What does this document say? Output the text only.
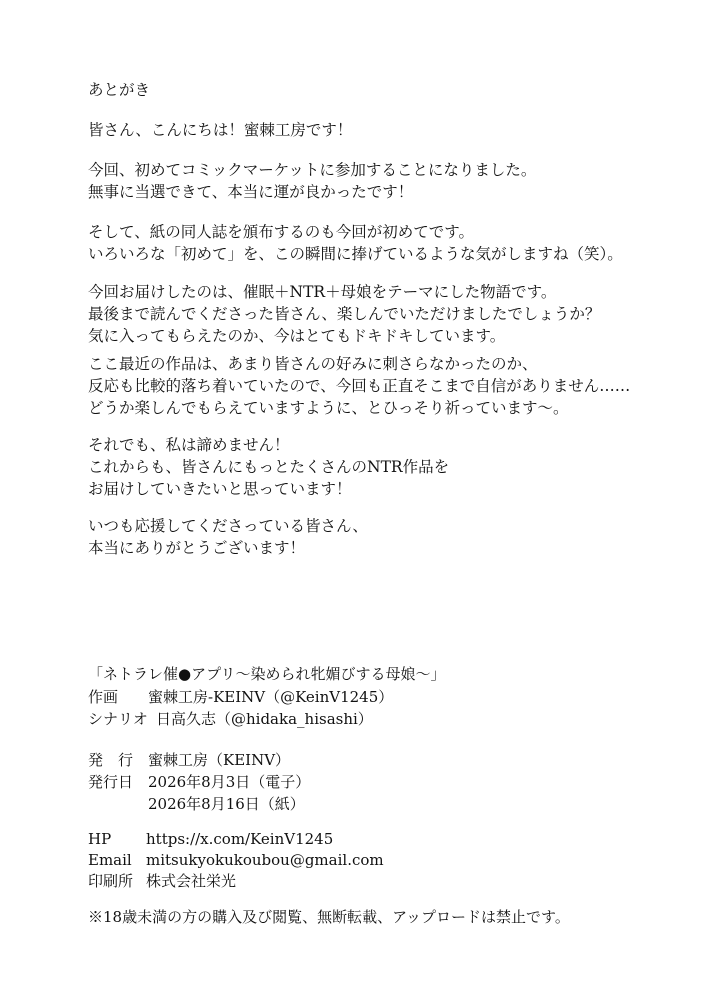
あとがき

皆さん、こんにちは！蜜棘工房です！

今回、初めてコミックマーケットに参加することになりました。
無事に当選できて、本当に運が良かったです！

そして、紙の同人誌を頒布するのも今回が初めてです。
いろいろな「初めて」を、この瞬間に捧げているような気がしますね（笑）。

今回お届けしたのは、催眠＋NTR＋母娘をテーマにした物語です。
最後まで読んでくださった皆さん、楽しんでいただけましたでしょうか？
気に入ってもらえたのか、今はとてもドキドキしています。

ここ最近の作品は、あまり皆さんの好みに刺さらなかったのか、
反応も比較的落ち着いていたので、今回も正直そこまで自信がありません……
どうか楽しんでもらえていますように、とひっそり祈っています〜。

それでも、私は諦めません！
これからも、皆さんにもっとたくさんのNTR作品を
お届けしていきたいと思っています！

いつも応援してくださっている皆さん、
本当にありがとうございます！

「ネトラレ催●アプリ〜染められ牝媚びする母娘〜」

作画 蜜棘工房-KEINV（@KeinV1245）

シナリオ 日高久志（@hidaka_hisashi）

発　行 蜜棘工房（KEINV）

発行日 2026年8月3日（電子）

2026年8月16日（紙）

HP https://x.com/KeinV1245

Email mitsukyokukoubou@gmail.com

印刷所 株式会社栄光

※18歳未満の方の購入及び閲覧、無断転載、アップロードは禁止です。
